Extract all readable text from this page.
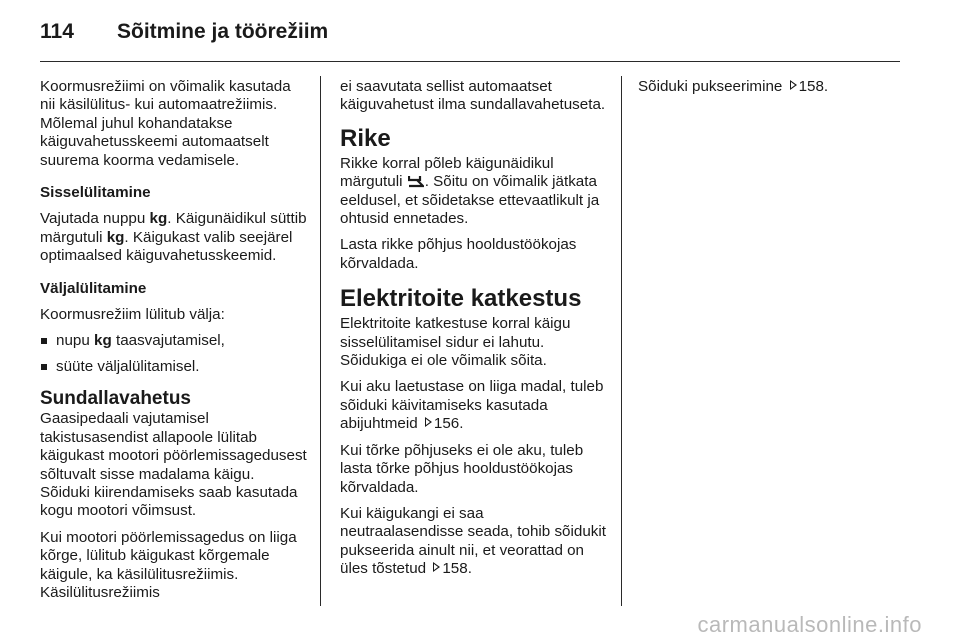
114 Sõitmine ja töörežiim

Koormusrežiimi on võimalik kasutada nii käsilülitus- kui automaatrežiimis. Mõlemal juhul kohandatakse käiguvahetusskeemi automaatselt suurema koorma vedamisele.

Sisselülitamine

Vajutada nuppu kg. Käigunäidikul süttib märgutuli kg. Käigukast valib seejärel optimaalsed käiguvahetusskeemid.

Väljalülitamine

Koormusrežiim lülitub välja:

nupu kg taasvajutamisel,
süüte väljalülitamisel.
Sundallavahetus

Gaasipedaali vajutamisel takistusasendist allapoole lülitab käigukast mootori pöörlemissagedusest sõltuvalt sisse madalama käigu. Sõiduki kiirendamiseks saab kasutada kogu mootori võimsust.

Kui mootori pöörlemissagedus on liiga kõrge, lülitub käigukast kõrgemale käigule, ka käsilülitusrežiimis. Käsilülitusrežiimis

ei saavutata sellist automaatset käiguvahetust ilma sundallavahetuseta.

Rike

Rikke korral põleb käigunäidikul märgutuli . Sõitu on võimalik jätkata eeldusel, et sõidetakse ettevaatlikult ja ohtusid ennetades.

Lasta rikke põhjus hooldustöökojas kõrvaldada.

Elektritoite katkestus

Elektritoite katkestuse korral käigu sisselülitamisel sidur ei lahutu. Sõidukiga ei ole võimalik sõita.

Kui aku laetustase on liiga madal, tuleb sõiduki käivitamiseks kasutada abijuhtmeid 156.

Kui tõrke põhjuseks ei ole aku, tuleb lasta tõrke põhjus hooldustöökojas kõrvaldada.

Kui käigukangi ei saa neutraalasendisse seada, tohib sõidukit pukseerida ainult nii, et veorattad on üles tõstetud 158.

Sõiduki pukseerimine 158.

carmanualsonline.info
